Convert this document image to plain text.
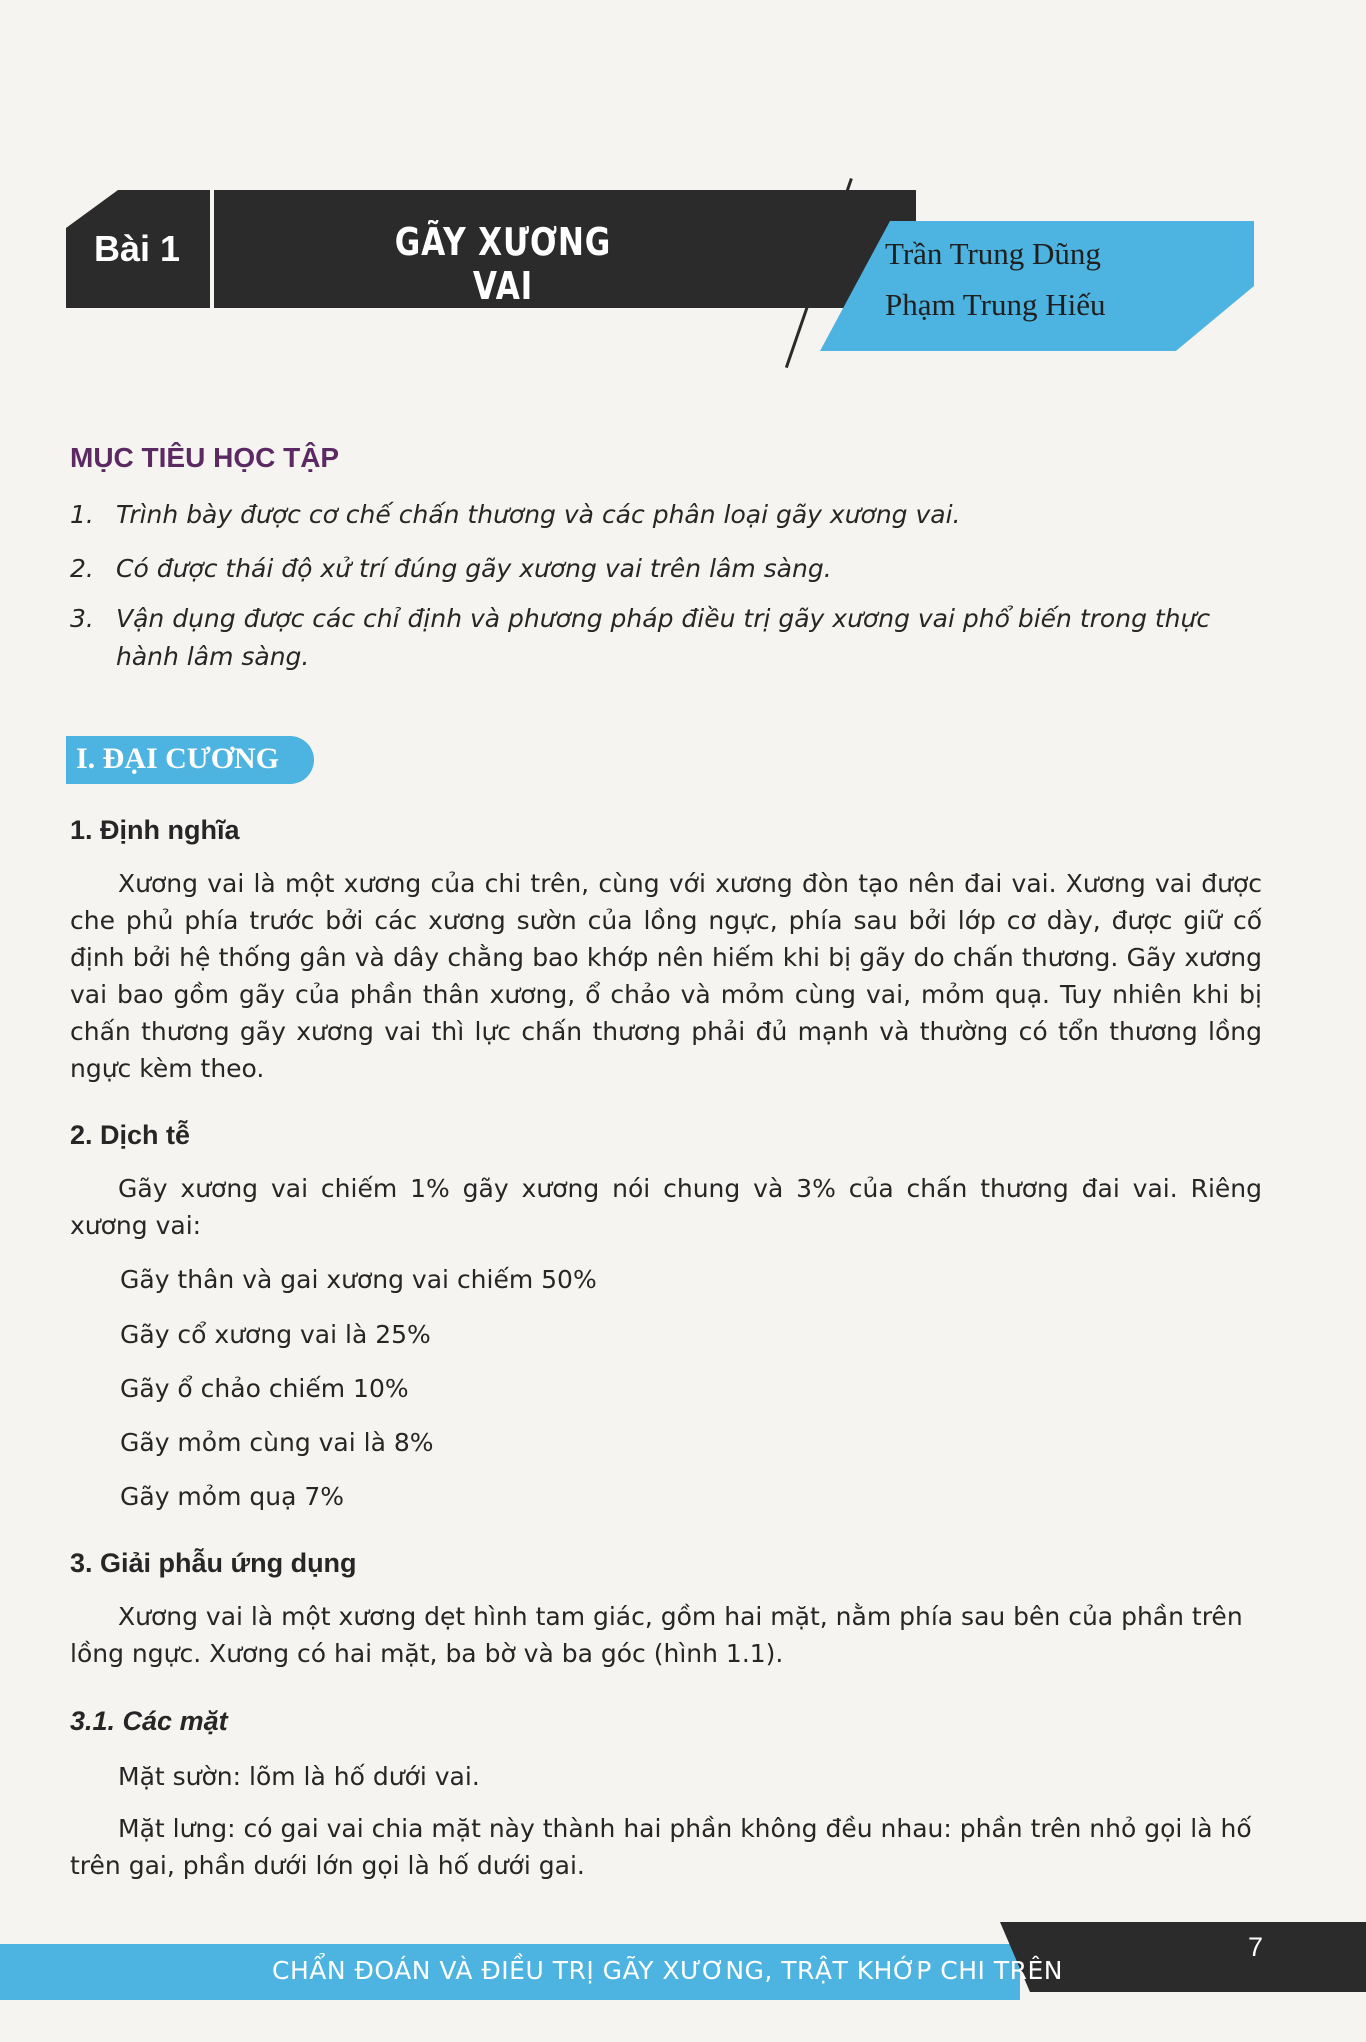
Bài 1	GÃY XƯƠNG VAI
Trần Trung Dũng
Phạm Trung Hiếu
MỤC TIÊU HỌC TẬP
1. Trình bày được cơ chế chấn thương và các phân loại gãy xương vai.
2. Có được thái độ xử trí đúng gãy xương vai trên lâm sàng.
3. Vận dụng được các chỉ định và phương pháp điều trị gãy xương vai phổ biến trong thực hành lâm sàng.
I. ĐẠI CƯƠNG
1. Định nghĩa
Xương vai là một xương của chi trên, cùng với xương đòn tạo nên đai vai. Xương vai được che phủ phía trước bởi các xương sườn của lồng ngực, phía sau bởi lớp cơ dày, được giữ cố định bởi hệ thống gân và dây chằng bao khớp nên hiếm khi bị gãy do chấn thương. Gãy xương vai bao gồm gãy của phần thân xương, ổ chảo và mỏm cùng vai, mỏm quạ. Tuy nhiên khi bị chấn thương gãy xương vai thì lực chấn thương phải đủ mạnh và thường có tổn thương lồng ngực kèm theo.
2. Dịch tễ
Gãy xương vai chiếm 1% gãy xương nói chung và 3% của chấn thương đai vai. Riêng xương vai:
Gãy thân và gai xương vai chiếm 50%
Gãy cổ xương vai là 25%
Gãy ổ chảo chiếm 10%
Gãy mỏm cùng vai là 8%
Gãy mỏm quạ 7%
3. Giải phẫu ứng dụng
Xương vai là một xương dẹt hình tam giác, gồm hai mặt, nằm phía sau bên của phần trên lồng ngực. Xương có hai mặt, ba bờ và ba góc (hình 1.1).
3.1. Các mặt
Mặt sườn: lõm là hố dưới vai.
Mặt lưng: có gai vai chia mặt này thành hai phần không đều nhau: phần trên nhỏ gọi là hố trên gai, phần dưới lớn gọi là hố dưới gai.
CHẨN ĐOÁN VÀ ĐIỀU TRỊ GÃY XƯƠNG, TRẬT KHỚP CHI TRÊN
7
